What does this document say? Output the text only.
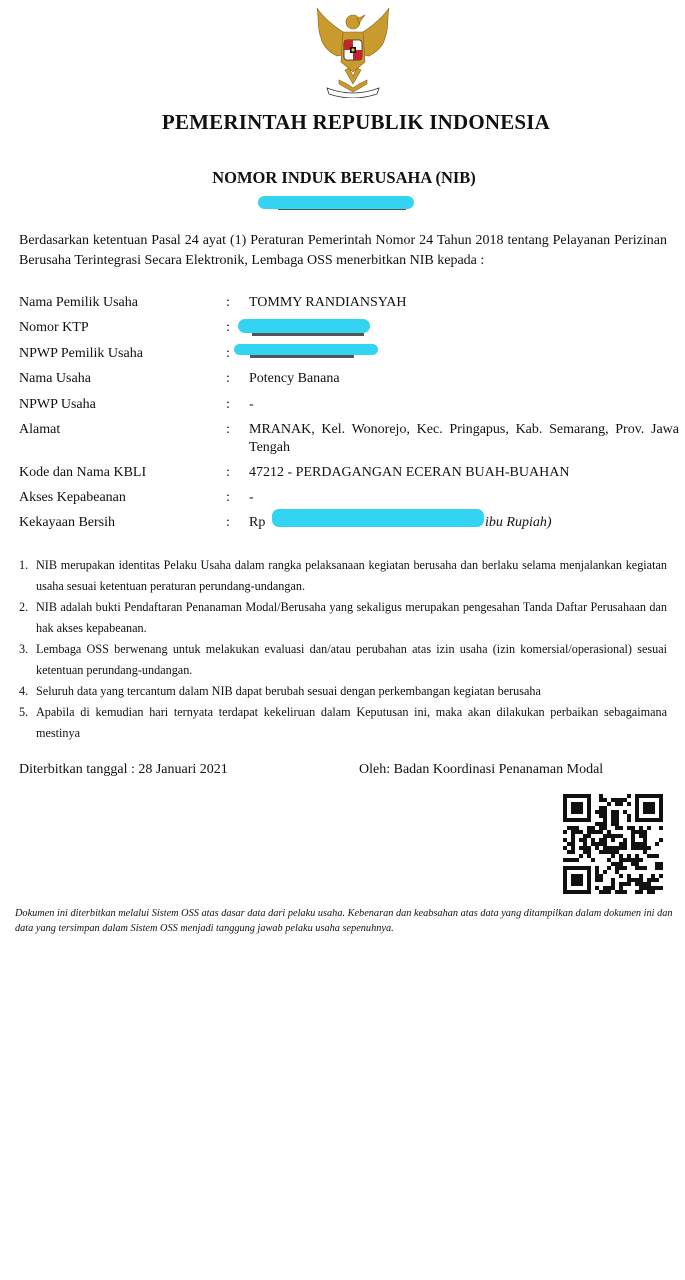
PEMERINTAH REPUBLIK INDONESIA
NOMOR INDUK BERUSAHA (NIB)
Berdasarkan ketentuan Pasal 24 ayat (1) Peraturan Pemerintah Nomor 24 Tahun 2018 tentang Pelayanan Perizinan Berusaha Terintegrasi Secara Elektronik, Lembaga OSS menerbitkan NIB kepada :
Nama Pemilik Usaha	: TOMMY RANDIANSYAH
Nomor KTP	:
NPWP Pemilik Usaha	:
Nama Usaha	: Potency Banana
NPWP Usaha	: -
Alamat	: MRANAK, Kel. Wonorejo, Kec. Pringapus, Kab. Semarang, Prov. Jawa Tengah
Kode dan Nama KBLI	: 47212 - PERDAGANGAN ECERAN BUAH-BUAHAN
Akses Kepabeanan	: -
Kekayaan Bersih	: Rp	ibu Rupiah)
1. NIB merupakan identitas Pelaku Usaha dalam rangka pelaksanaan kegiatan berusaha dan berlaku selama menjalankan kegiatan usaha sesuai ketentuan peraturan perundang-undangan.
2. NIB adalah bukti Pendaftaran Penanaman Modal/Berusaha yang sekaligus merupakan pengesahan Tanda Daftar Perusahaan dan hak akses kepabeanan.
3. Lembaga OSS berwenang untuk melakukan evaluasi dan/atau perubahan atas izin usaha (izin komersial/operasional) sesuai ketentuan perundang-undangan.
4. Seluruh data yang tercantum dalam NIB dapat berubah sesuai dengan perkembangan kegiatan berusaha
5. Apabila di kemudian hari ternyata terdapat kekeliruan dalam Keputusan ini, maka akan dilakukan perbaikan sebagaimana mestinya
Diterbitkan tanggal : 28 Januari 2021	Oleh: Badan Koordinasi Penanaman Modal
Dokumen ini diterbitkan melalui Sistem OSS atas dasar data dari pelaku usaha. Kebenaran dan keabsahan atas data yang ditampilkan dalam dokumen ini dan data yang tersimpan dalam Sistem OSS menjadi tanggung jawab pelaku usaha sepenuhnya.
